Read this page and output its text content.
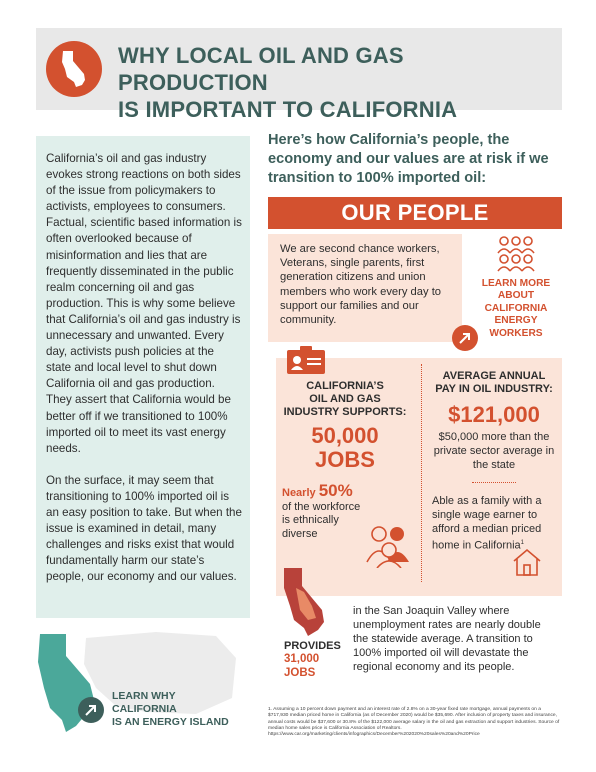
WHY LOCAL OIL AND GAS PRODUCTION
IS IMPORTANT TO CALIFORNIA

California’s oil and gas industry evokes strong reactions on both sides of the issue from policymakers to activists, employees to consumers. Factual, scientific based information is often overlooked because of misinformation and lies that are frequently disseminated in the public realm concerning oil and gas production. This is why some believe that California’s oil and gas industry is unnecessary and unwanted. Every day, activists push policies at the state and local level to shut down California oil and gas production. They assert that California would be better off if we transitioned to 100% imported oil to meet its vast energy needs.

On the surface, it may seem that transitioning to 100% imported oil is an easy position to take. But when the issue is examined in detail, many challenges and risks exist that would fundamentally harm our state’s people, our economy and our values.

LEARN WHY CALIFORNIA
IS AN ENERGY ISLAND
Here’s how California’s people, the economy and our values are at risk if we transition to 100% imported oil:
OUR PEOPLE
We are second chance workers, Veterans, single parents, first generation citizens and union members who work every day to support our families and our community.
LEARN MORE
ABOUT
CALIFORNIA
ENERGY
WORKERS
CALIFORNIA’S
OIL AND GAS
INDUSTRY SUPPORTS:
50,000
JOBS
AVERAGE ANNUAL
PAY IN OIL INDUSTRY:
$121,000
$50,000 more than the private sector average in the state
Able as a family with a single wage earner to afford a median priced home in California$^1$
Nearly 50%
of the workforce is ethnically diverse
PROVIDES
31,000
JOBS
in the San Joaquin Valley where unemployment rates are nearly double the statewide average. A transition to 100% imported oil will devastate the regional economy and its people.
1. Assuming a 10 percent down payment and an interest rate of 2.8% on a 30-year fixed rate mortgage, annual payments on a $717,930 median priced home in California (as of December 2020) would be $35,690. After inclusion of property taxes and insurance, annual costs would be $37,600 or 30.8% of the $122,000 average salary in the oil and gas extraction and support industries. Source of median home sales price is California Association of Realtors. https://www.car.org/marketing/clients/infographics/December%202020%20sales%20and%20Price
